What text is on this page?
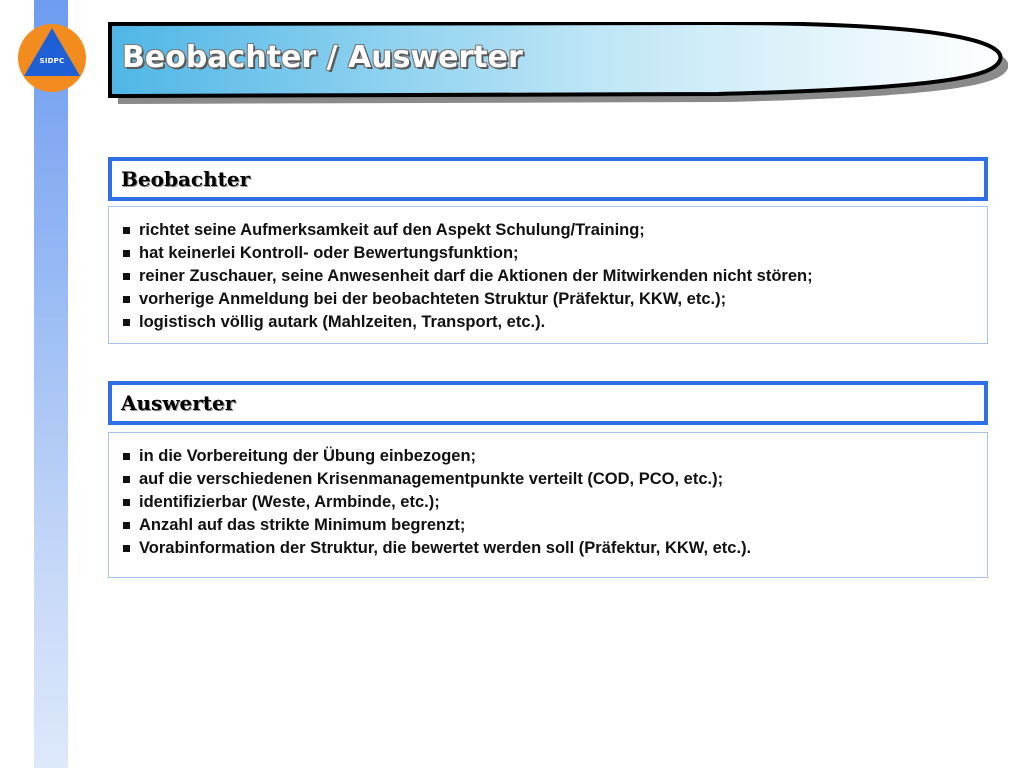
SIDPC	Beobachter / Auswerter
Beobachter
richtet seine Aufmerksamkeit auf den Aspekt Schulung/Training;
hat keinerlei Kontroll- oder Bewertungsfunktion;
reiner Zuschauer, seine Anwesenheit darf die Aktionen der Mitwirkenden nicht stören;
vorherige Anmeldung bei der beobachteten Struktur (Präfektur, KKW, etc.);
logistisch völlig autark (Mahlzeiten, Transport, etc.).
Auswerter
in die Vorbereitung der Übung einbezogen;
auf die verschiedenen Krisenmanagementpunkte verteilt (COD, PCO, etc.);
identifizierbar (Weste, Armbinde, etc.);
Anzahl auf das strikte Minimum begrenzt;
Vorabinformation der Struktur, die bewertet werden soll (Präfektur, KKW, etc.).
